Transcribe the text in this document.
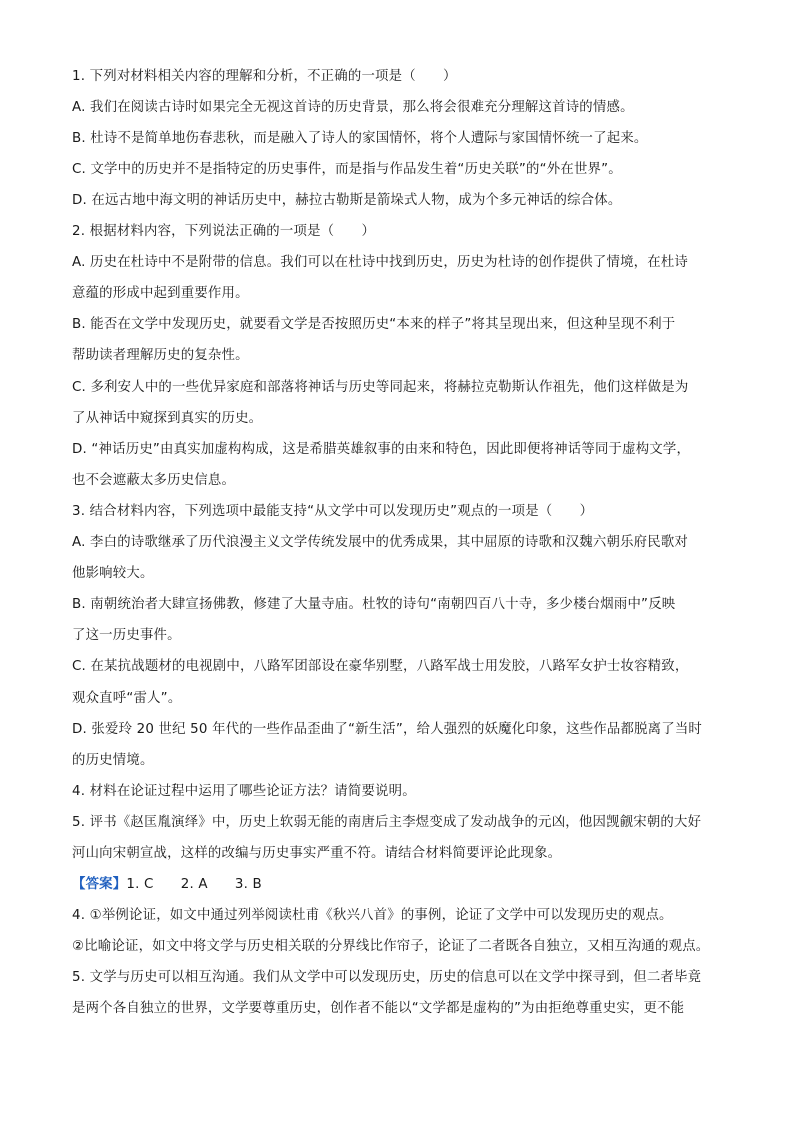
1. 下列对材料相关内容的理解和分析，不正确的一项是（　　）
A. 我们在阅读古诗时如果完全无视这首诗的历史背景，那么将会很难充分理解这首诗的情感。
B. 杜诗不是简单地伤春悲秋，而是融入了诗人的家国情怀，将个人遭际与家国情怀统一了起来。
C. 文学中的历史并不是指特定的历史事件，而是指与作品发生着“历史关联”的“外在世界”。
D. 在远古地中海文明的神话历史中，赫拉古勒斯是箭垛式人物，成为个多元神话的综合体。
2. 根据材料内容，下列说法正确的一项是（　　）
A. 历史在杜诗中不是附带的信息。我们可以在杜诗中找到历史，历史为杜诗的创作提供了情境，在杜诗
意蕴的形成中起到重要作用。
B. 能否在文学中发现历史，就要看文学是否按照历史“本来的样子”将其呈现出来，但这种呈现不利于
帮助读者理解历史的复杂性。
C. 多利安人中的一些优异家庭和部落将神话与历史等同起来，将赫拉克勒斯认作祖先，他们这样做是为
了从神话中窥探到真实的历史。
D. “神话历史”由真实加虚构构成，这是希腊英雄叙事的由来和特色，因此即便将神话等同于虚构文学，
也不会遮蔽太多历史信息。
3. 结合材料内容，下列选项中最能支持“从文学中可以发现历史”观点的一项是（　　）
A. 李白的诗歌继承了历代浪漫主义文学传统发展中的优秀成果，其中屈原的诗歌和汉魏六朝乐府民歌对
他影响较大。
B. 南朝统治者大肆宣扬佛教，修建了大量寺庙。杜牧的诗句“南朝四百八十寺，多少楼台烟雨中”反映
了这一历史事件。
C. 在某抗战题材的电视剧中，八路军团部设在豪华别墅，八路军战士用发胶，八路军女护士妆容精致，
观众直呼“雷人”。
D. 张爱玲 20 世纪 50 年代的一些作品歪曲了“新生活”，给人强烈的妖魔化印象，这些作品都脱离了当时
的历史情境。
4. 材料在论证过程中运用了哪些论证方法？请简要说明。
5. 评书《赵匡胤演绎》中，历史上软弱无能的南唐后主李煜变成了发动战争的元凶，他因觊觎宋朝的大好
河山向宋朝宣战，这样的改编与历史事实严重不符。请结合材料简要评论此现象。
【答案】1. C　　2. A　　3. B
4. ①举例论证，如文中通过列举阅读杜甫《秋兴八首》的事例，论证了文学中可以发现历史的观点。
②比喻论证，如文中将文学与历史相关联的分界线比作帘子，论证了二者既各自独立，又相互沟通的观点。
5. 文学与历史可以相互沟通。我们从文学中可以发现历史，历史的信息可以在文学中探寻到，但二者毕竟
是两个各自独立的世界，文学要尊重历史，创作者不能以“文学都是虚构的”为由拒绝尊重史实，更不能
